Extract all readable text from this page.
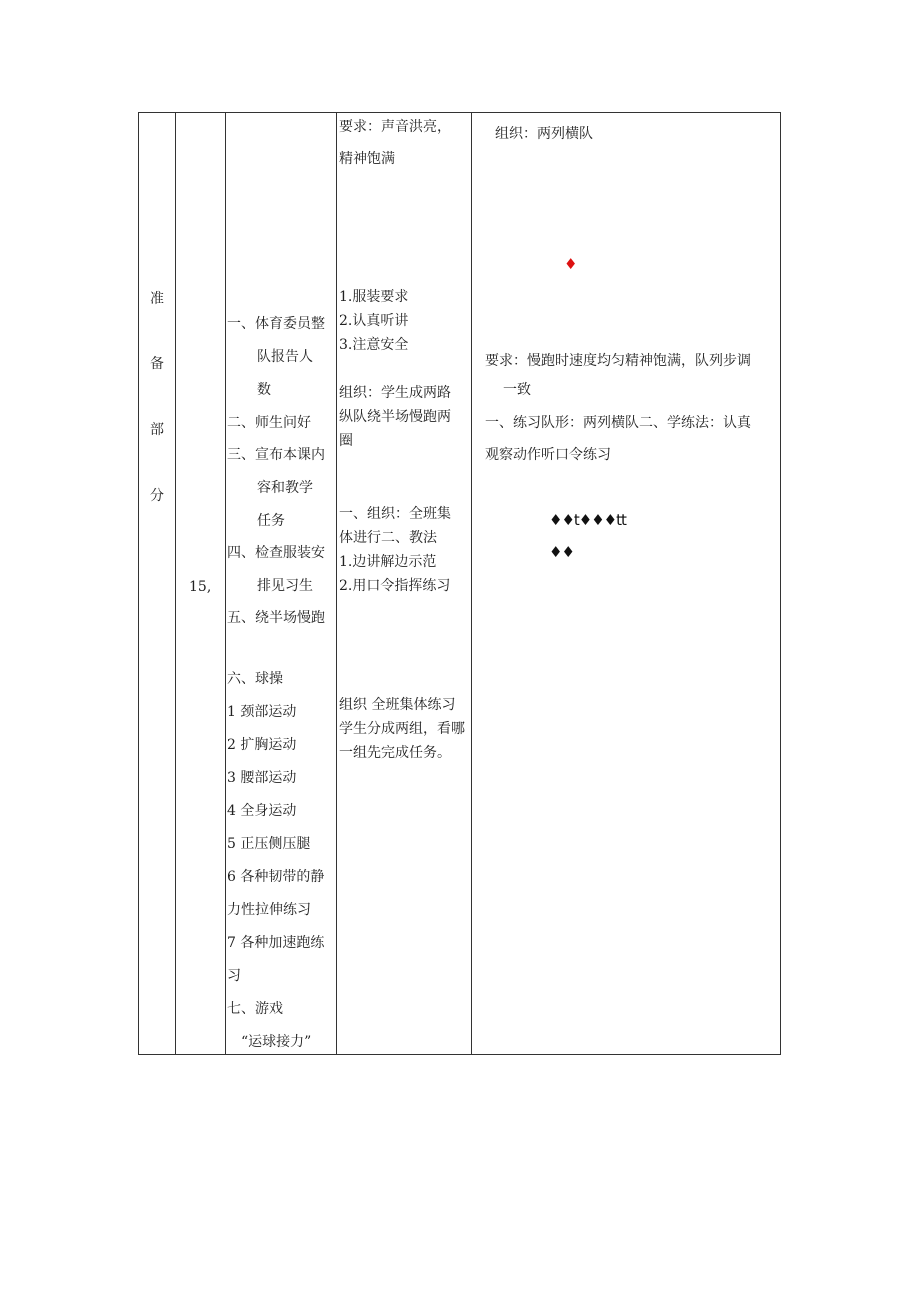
准
备
部
分
15,
一、体育委员整
队报告人
数
二、师生问好
三、宣布本课内
容和教学
任务
四、检查服装安
排见习生
五、绕半场慢跑
六、球操
1 颈部运动
2 扩胸运动
3 腰部运动
4 全身运动
5 正压侧压腿
6 各种韧带的静
力性拉伸练习
7 各种加速跑练
习
七、游戏
“运球接力”
要求：声音洪亮，
精神饱满
1.服装要求
2.认真听讲
3.注意安全
组织：学生成两路
纵队绕半场慢跑两
圈
一、组织：全班集
体进行二、教法
1.边讲解边示范
2.用口令指挥练习
组织 全班集体练习
学生分成两组，看哪
一组先完成任务。
组织：两列横队
♦
要求：慢跑时速度均匀精神饱满，队列步调
一致
一、练习队形：两列横队二、学练法：认真
观察动作听口令练习
♦♦t♦♦♦tt
♦♦
